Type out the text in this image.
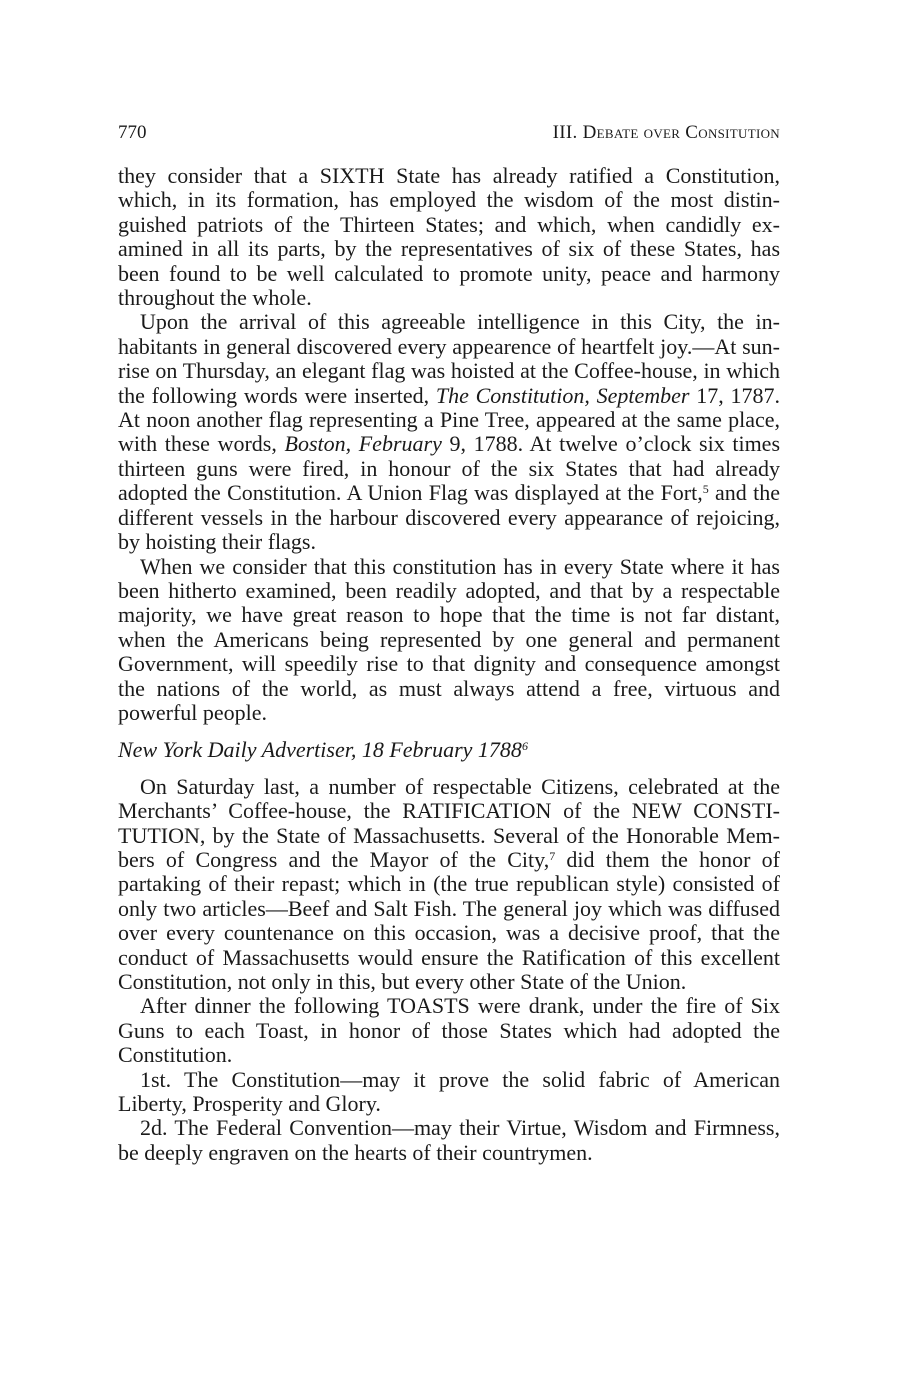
770	III. Debate over Consitution

they consider that a SIXTH State has already ratified a Constitution, which, in its formation, has employed the wisdom of the most distinguished patriots of the Thirteen States; and which, when candidly examined in all its parts, by the representatives of six of these States, has been found to be well calculated to promote unity, peace and harmony throughout the whole.

Upon the arrival of this agreeable intelligence in this City, the inhabitants in general discovered every appearence of heartfelt joy.—At sun-rise on Thursday, an elegant flag was hoisted at the Coffee-house, in which the following words were inserted, The Constitution, September 17, 1787. At noon another flag representing a Pine Tree, appeared at the same place, with these words, Boston, February 9, 1788. At twelve o’clock six times thirteen guns were fired, in honour of the six States that had already adopted the Constitution. A Union Flag was displayed at the Fort,$^5$ and the different vessels in the harbour discovered every appearance of rejoicing, by hoisting their flags.

When we consider that this constitution has in every State where it has been hitherto examined, been readily adopted, and that by a respectable majority, we have great reason to hope that the time is not far distant, when the Americans being represented by one general and permanent Government, will speedily rise to that dignity and consequence amongst the nations of the world, as must always attend a free, virtuous and powerful people.

New York Daily Advertiser, 18 February 1788$^6$

On Saturday last, a number of respectable Citizens, celebrated at the Merchants’ Coffee-house, the RATIFICATION of the NEW CONSTITUTION, by the State of Massachusetts. Several of the Honorable Members of Congress and the Mayor of the City,$^7$ did them the honor of partaking of their repast; which in (the true republican style) consisted of only two articles—Beef and Salt Fish. The general joy which was diffused over every countenance on this occasion, was a decisive proof, that the conduct of Massachusetts would ensure the Ratification of this excellent Constitution, not only in this, but every other State of the Union.

After dinner the following TOASTS were drank, under the fire of Six Guns to each Toast, in honor of those States which had adopted the Constitution.

1st. The Constitution—may it prove the solid fabric of American Liberty, Prosperity and Glory.

2d. The Federal Convention—may their Virtue, Wisdom and Firmness, be deeply engraven on the hearts of their countrymen.
